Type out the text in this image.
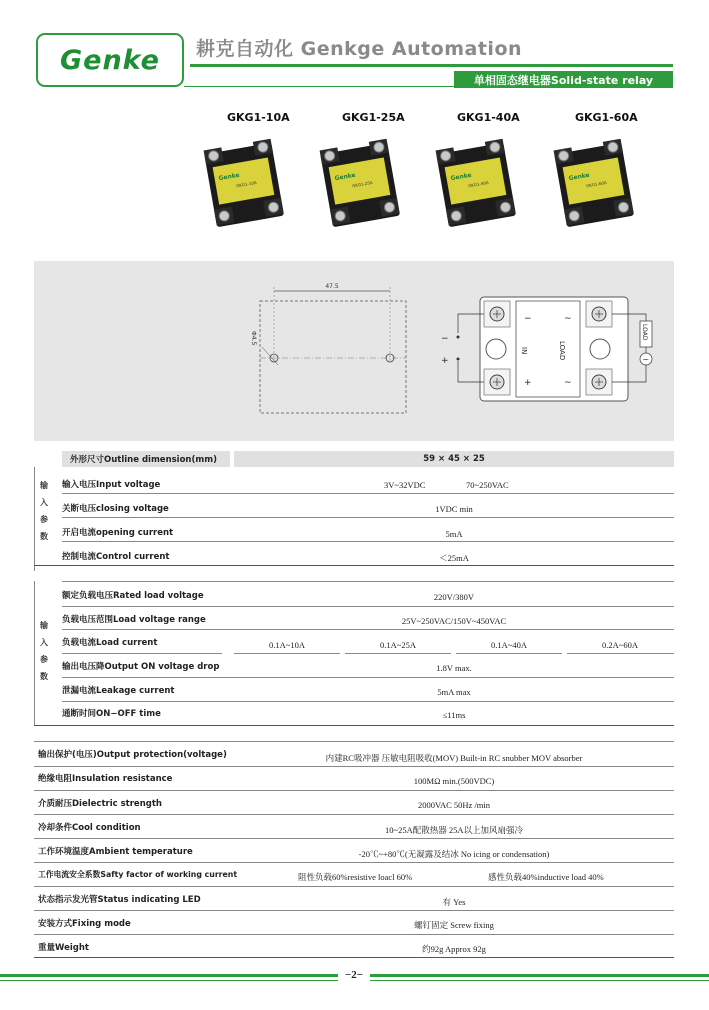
Genke 耕克自动化 Genkge Automation
单相固态继电器Solid-state relay
GKG1-10A	GKG1-25A	GKG1-40A	GKG1-60A
Genke
GKG1-10A
Genke
GKG1-25A
Genke
GKG1-40A
Genke
GKG1-60A
47.5
Φ4.5
−
+
~
~
IN	LOAD
−
+
LOAD
~
外形尺寸Outline dimension(mm)	59 × 45 × 25
输
入
参
数
输入电压Input voltage	3V~32VDC	70~250VAC
关断电压closing voltage	1VDC min
开启电流opening current	5mA
控制电流Control current	＜25mA
输
入
参
数
额定负载电压Rated load voltage	220V/380V
负载电压范围Load voltage range	25V~250VAC/150V~450VAC
负载电流Load current	0.1A~10A	0.1A~25A	0.1A~40A	0.2A~60A
输出电压降Output ON voltage drop	1.8V max.
泄漏电流Leakage current	5mA max
通断时间ON−OFF time	≤11ms
输出保护(电压)Output protection(voltage)	内建RC吸冲器 压敏电阻吸收(MOV) Built-in RC snubber MOV absorber
绝缘电阻Insulation resistance	100MΩ min.(500VDC)
介质耐压Dielectric strength	2000VAC 50Hz /min
冷却条件Cool condition	10~25A配散热器 25A以上加风扇强冷
工作环境温度Ambient temperature	-20℃~+80℃(无凝露及结冰 No icing or condensation)
工作电流安全系数Safty factor of working current	阻性负载60%resistive loacl 60%	感性负载40%inductive load 40%
状态指示发光管Status indicating LED	有 Yes
安装方式Fixing mode	螺钉固定 Screw fixing
重量Weight	约92g Approx 92g
−2−
